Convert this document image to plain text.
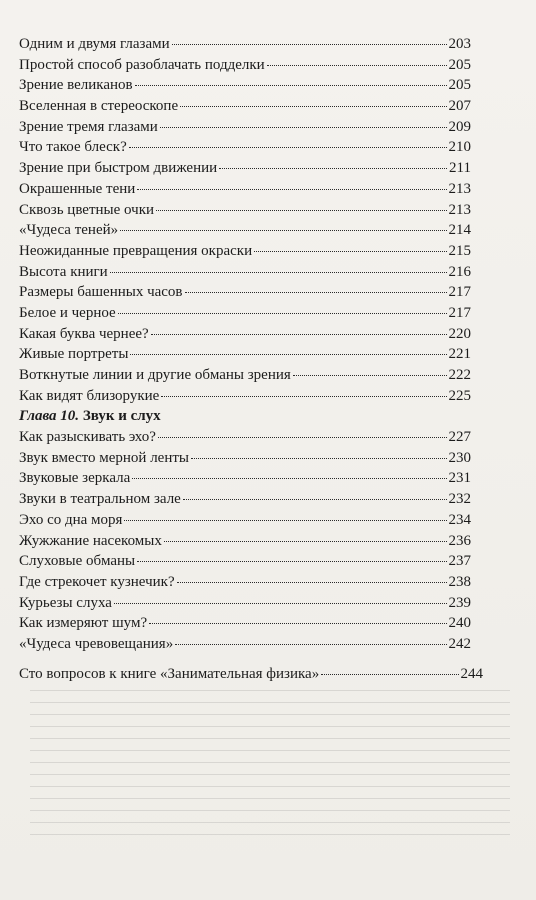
Одним и двумя глазами	203
Простой способ разоблачать подделки	205
Зрение великанов	205
Вселенная в стереоскопе	207
Зрение тремя глазами	209
Что такое блеск?	210
Зрение при быстром движении	211
Окрашенные тени	213
Сквозь цветные очки	213
«Чудеса теней»	214
Неожиданные превращения окраски	215
Высота книги	216
Размеры башенных часов	217
Белое и черное	217
Какая буква чернее?	220
Живые портреты	221
Воткнутые линии и другие обманы зрения	222
Как видят близорукие	225
Глава 10. Звук и слух
Как разыскивать эхо?	227
Звук вместо мерной ленты	230
Звуковые зеркала	231
Звуки в театральном зале	232
Эхо со дна моря	234
Жужжание насекомых	236
Слуховые обманы	237
Где стрекочет кузнечик?	238
Курьезы слуха	239
Как измеряют шум?	240
«Чудеса чревовещания»	242
Сто вопросов к книге «Занимательная физика»	244
